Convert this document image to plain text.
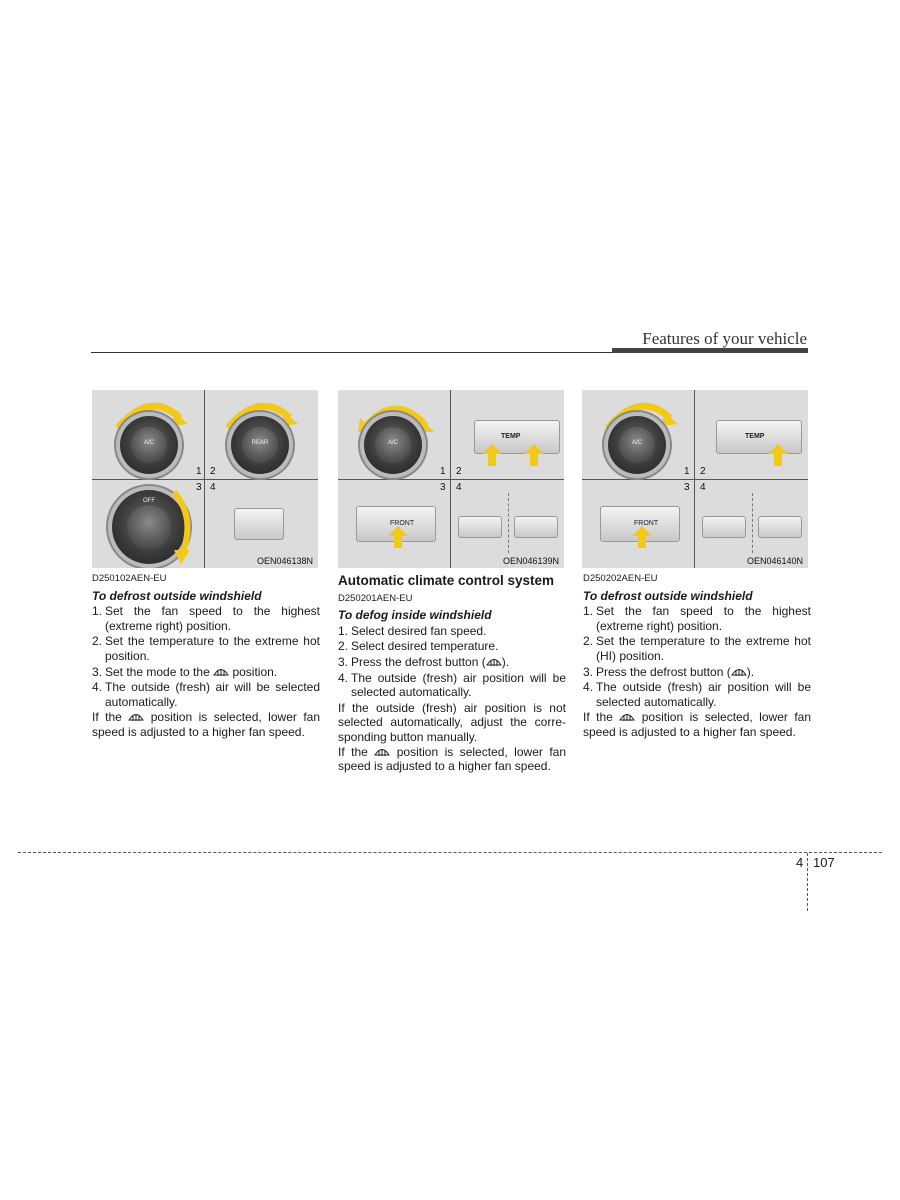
Features of your vehicle
A/C	REAR
1 2
3 4
OFF
OEN046138N
A/C
TEMP
1 2
3 4
FRONT
OEN046139N
A/C
TEMP
1 2
3 4
FRONT
OEN046140N

D250102AEN-EU

To defrost outside windshield

1. Set the fan speed to the highest (extreme right) position.
2. Set the temperature to the extreme hot position.
3. Set the mode to the position.
4. The outside (fresh) air will be selected automatically.

If the position is selected, lower fan speed is adjusted to a higher fan speed.

Automatic climate control system

D250201AEN-EU

To defog inside windshield

1. Select desired fan speed.
2. Select desired temperature.
3. Press the defrost button ( ).
4. The outside (fresh) air position will be selected automatically.

If the outside (fresh) air position is not selected automatically, adjust the corre- sponding button manually.

If the position is selected, lower fan speed is adjusted to a higher fan speed.

D250202AEN-EU

To defrost outside windshield

1. Set the fan speed to the highest (extreme right) position.
2. Set the temperature to the extreme hot (HI) position.
3. Press the defrost button ( ).
4. The outside (fresh) air position will be selected automatically.

If the position is selected, lower fan speed is adjusted to a higher fan speed.

4 107
